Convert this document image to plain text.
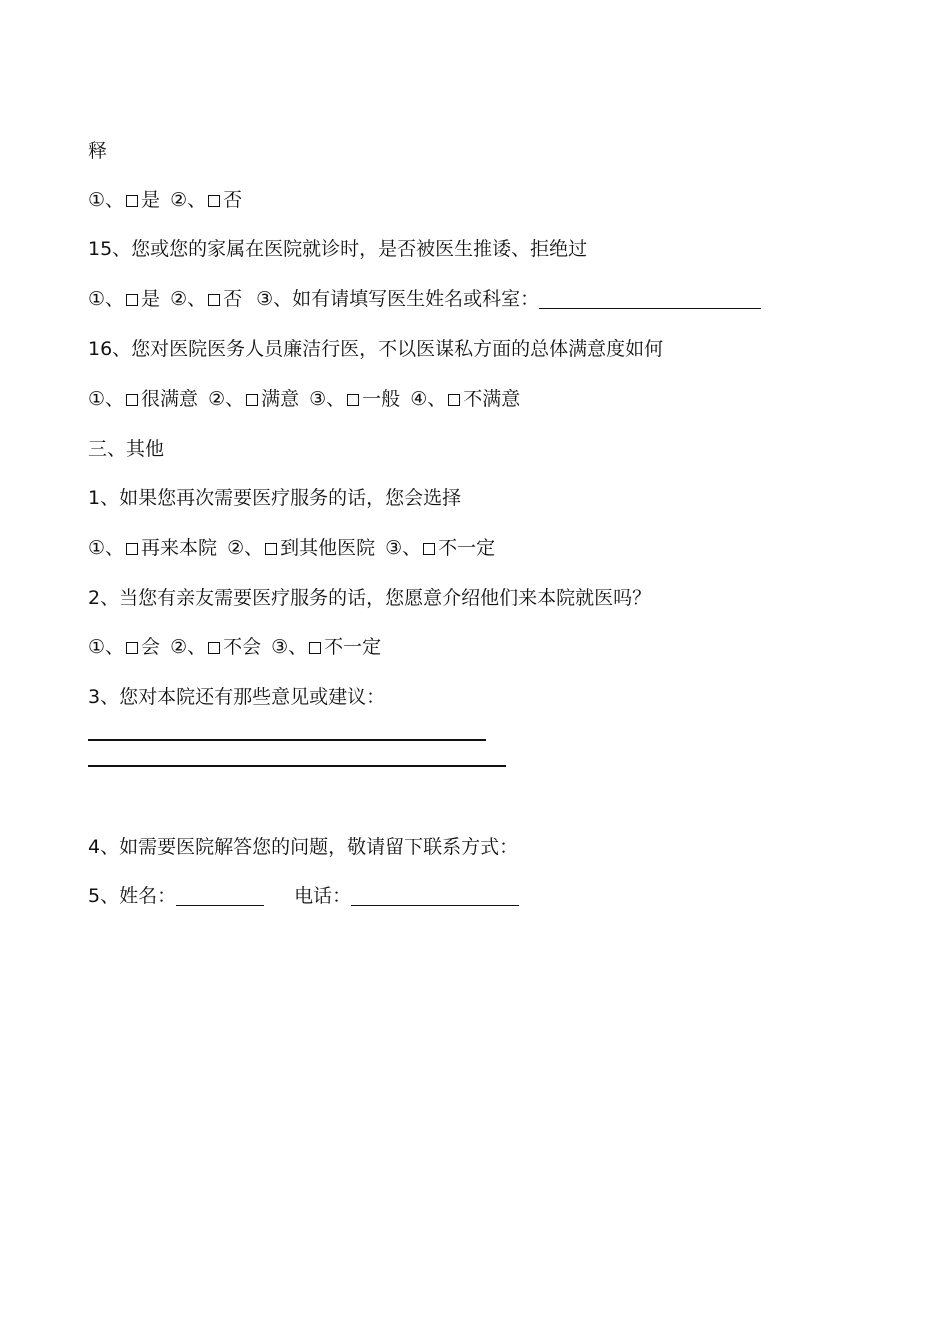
释
①、 是 ②、 否
15、您或您的家属在医院就诊时，是否被医生推诿、拒绝过
①、 是 ②、 否 ③、如有请填写医生姓名或科室：
16、您对医院医务人员廉洁行医，不以医谋私方面的总体满意度如何
①、 很满意 ②、 满意 ③、 一般 ④、 不满意
三、其他
1、如果您再次需要医疗服务的话，您会选择
①、 再来本院 ②、 到其他医院 ③、 不一定
2、当您有亲友需要医疗服务的话，您愿意介绍他们来本院就医吗？
①、 会 ②、 不会 ③、 不一定
3、您对本院还有那些意见或建议：
4、如需要医院解答您的问题，敬请留下联系方式：
5、姓名：	电话：
